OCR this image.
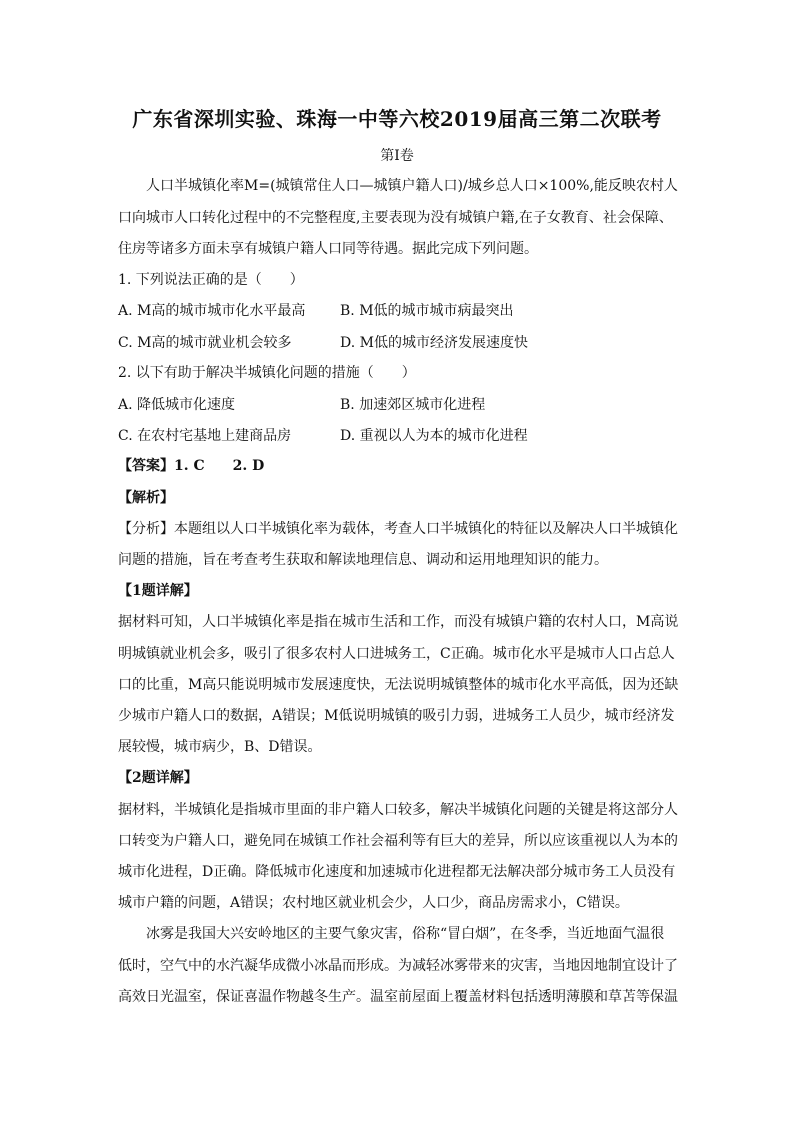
广东省深圳实验、珠海一中等六校2019届高三第二次联考
第Ⅰ卷
人口半城镇化率M=(城镇常住人口—城镇户籍人口)/城乡总人口×100%,能反映农村人
口向城市人口转化过程中的不完整程度,主要表现为没有城镇户籍,在子女教育、社会保障、
住房等诸多方面未享有城镇户籍人口同等待遇。据此完成下列问题。
1. 下列说法正确的是（　　）
A. M高的城市城市化水平最高 B. M低的城市城市病最突出
C. M高的城市就业机会较多	D. M低的城市经济发展速度快
2. 以下有助于解决半城镇化问题的措施（　　）
A. 降低城市化速度	B. 加速郊区城市化进程
C. 在农村宅基地上建商品房	D. 重视以人为本的城市化进程
【答案】1. C　　2. D
【解析】
【分析】本题组以人口半城镇化率为载体，考查人口半城镇化的特征以及解决人口半城镇化
问题的措施，旨在考查考生获取和解读地理信息、调动和运用地理知识的能力。
【1题详解】
据材料可知，人口半城镇化率是指在城市生活和工作，而没有城镇户籍的农村人口，M高说
明城镇就业机会多，吸引了很多农村人口进城务工，C正确。城市化水平是城市人口占总人
口的比重，M高只能说明城市发展速度快，无法说明城镇整体的城市化水平高低，因为还缺
少城市户籍人口的数据，A错误；M低说明城镇的吸引力弱，进城务工人员少，城市经济发
展较慢，城市病少，B、D错误。
【2题详解】
据材料，半城镇化是指城市里面的非户籍人口较多，解决半城镇化问题的关键是将这部分人
口转变为户籍人口，避免同在城镇工作社会福利等有巨大的差异，所以应该重视以人为本的
城市化进程，D正确。降低城市化速度和加速城市化进程都无法解决部分城市务工人员没有
城市户籍的问题，A错误；农村地区就业机会少，人口少，商品房需求小，C错误。
冰雾是我国大兴安岭地区的主要气象灾害，俗称“冒白烟”，在冬季，当近地面气温很
低时，空气中的水汽凝华成微小冰晶而形成。为减轻冰雾带来的灾害，当地因地制宜设计了
高效日光温室，保证喜温作物越冬生产。温室前屋面上覆盖材料包括透明薄膜和草苫等保温
